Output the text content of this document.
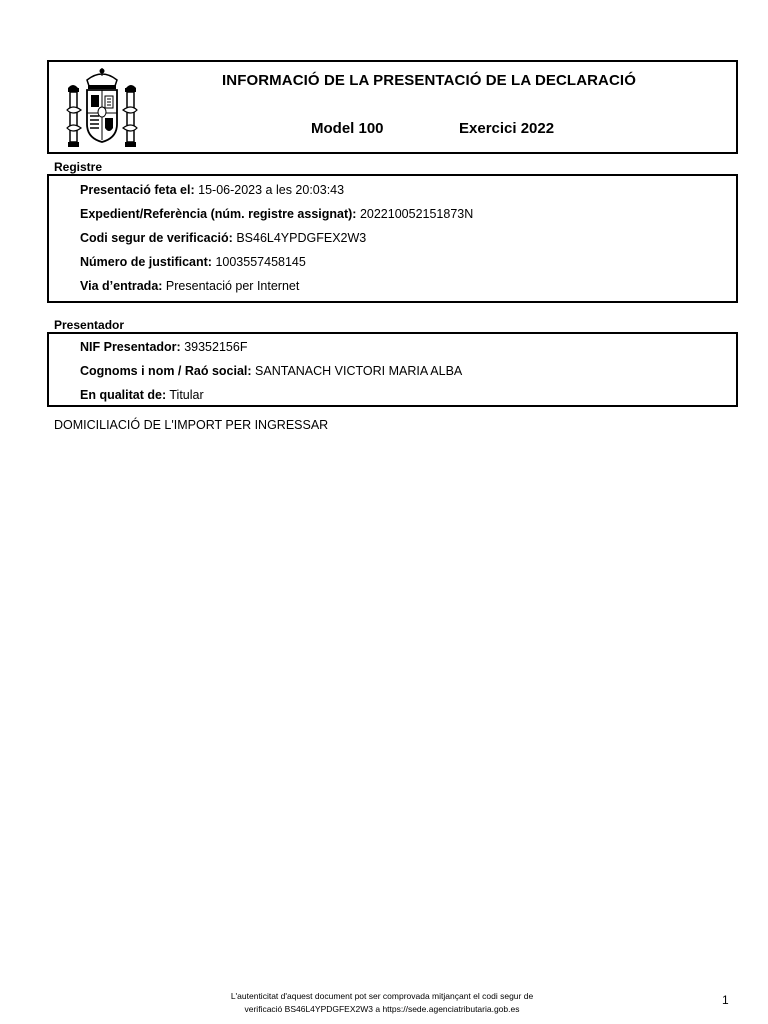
INFORMACIÓ DE LA PRESENTACIÓ DE LA DECLARACIÓ
Model 100	Exercici 2022
Registre
Presentació feta el: 15-06-2023 a les 20:03:43
Expedient/Referència (núm. registre assignat): 202210052151873N
Codi segur de verificació: BS46L4YPDGFEX2W3
Número de justificant: 1003557458145
Via d’entrada: Presentació per Internet
Presentador
NIF Presentador: 39352156F
Cognoms i nom / Raó social: SANTANACH VICTORI MARIA ALBA
En qualitat de: Titular
DOMICILIACIÓ DE L'IMPORT PER INGRESSAR
L'autenticitat d'aquest document pot ser comprovada mitjançant el codi segur de
verificació BS46L4YPDGFEX2W3 a https://sede.agenciatributaria.gob.es
1
